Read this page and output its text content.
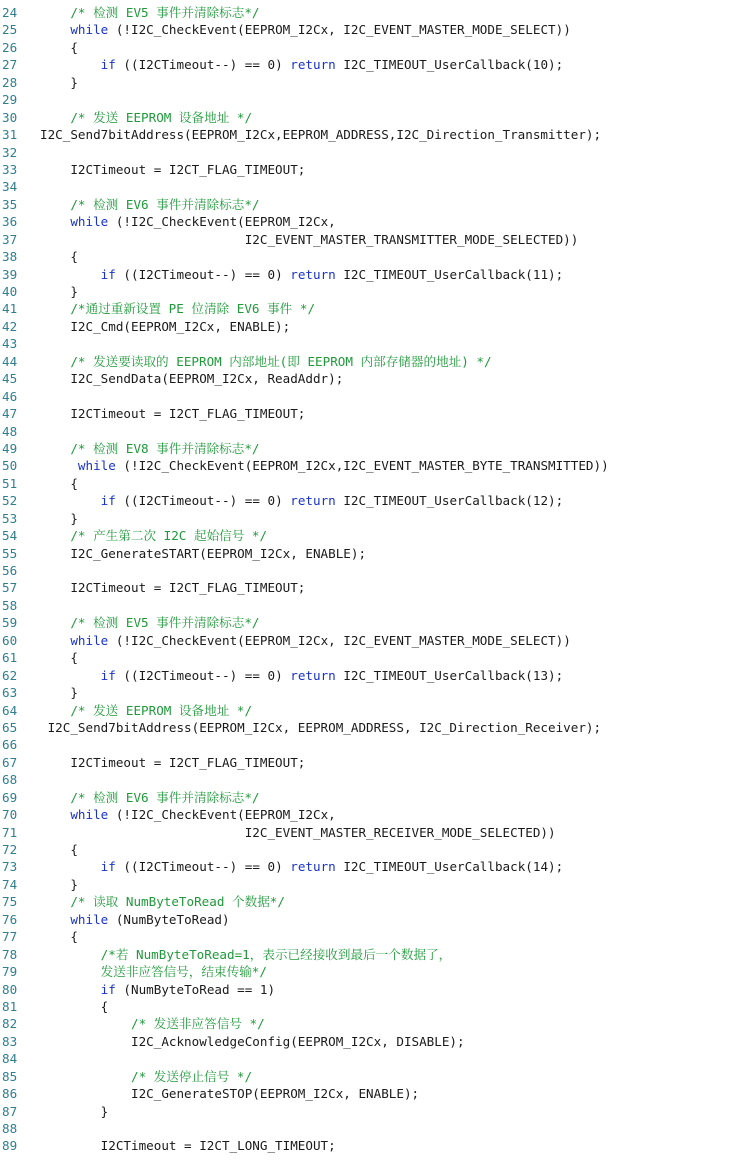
24	/* 检测 EV5 事件并清除标志*/
25	while (!I2C_CheckEvent(EEPROM_I2Cx, I2C_EVENT_MASTER_MODE_SELECT))
26	{
27	if ((I2CTimeout--) == 0) return I2C_TIMEOUT_UserCallback(10);
28	}
29
30	/* 发送 EEPROM 设备地址 */
31	I2C_Send7bitAddress(EEPROM_I2Cx,EEPROM_ADDRESS,I2C_Direction_Transmitter);
32
33	I2CTimeout = I2CT_FLAG_TIMEOUT;
34
35	/* 检测 EV6 事件并清除标志*/
36	while (!I2C_CheckEvent(EEPROM_I2Cx,
37	I2C_EVENT_MASTER_TRANSMITTER_MODE_SELECTED))
38	{
39	if ((I2CTimeout--) == 0) return I2C_TIMEOUT_UserCallback(11);
40	}
41	/*通过重新设置 PE 位清除 EV6 事件 */
42	I2C_Cmd(EEPROM_I2Cx, ENABLE);
43
44	/* 发送要读取的 EEPROM 内部地址(即 EEPROM 内部存储器的地址) */
45	I2C_SendData(EEPROM_I2Cx, ReadAddr);
46
47	I2CTimeout = I2CT_FLAG_TIMEOUT;
48
49	/* 检测 EV8 事件并清除标志*/
50	while (!I2C_CheckEvent(EEPROM_I2Cx,I2C_EVENT_MASTER_BYTE_TRANSMITTED))
51	{
52	if ((I2CTimeout--) == 0) return I2C_TIMEOUT_UserCallback(12);
53	}
54	/* 产生第二次 I2C 起始信号 */
55	I2C_GenerateSTART(EEPROM_I2Cx, ENABLE);
56
57	I2CTimeout = I2CT_FLAG_TIMEOUT;
58
59	/* 检测 EV5 事件并清除标志*/
60	while (!I2C_CheckEvent(EEPROM_I2Cx, I2C_EVENT_MASTER_MODE_SELECT))
61	{
62	if ((I2CTimeout--) == 0) return I2C_TIMEOUT_UserCallback(13);
63	}
64	/* 发送 EEPROM 设备地址 */
65	I2C_Send7bitAddress(EEPROM_I2Cx, EEPROM_ADDRESS, I2C_Direction_Receiver);
66
67	I2CTimeout = I2CT_FLAG_TIMEOUT;
68
69	/* 检测 EV6 事件并清除标志*/
70	while (!I2C_CheckEvent(EEPROM_I2Cx,
71	I2C_EVENT_MASTER_RECEIVER_MODE_SELECTED))
72	{
73	if ((I2CTimeout--) == 0) return I2C_TIMEOUT_UserCallback(14);
74	}
75	/* 读取 NumByteToRead 个数据*/
76	while (NumByteToRead)
77	{
78	/*若 NumByteToRead=1，表示已经接收到最后一个数据了，
79	发送非应答信号，结束传输*/
80	if (NumByteToRead == 1)
81	{
82	/* 发送非应答信号 */
83	I2C_AcknowledgeConfig(EEPROM_I2Cx, DISABLE);
84
85	/* 发送停止信号 */
86	I2C_GenerateSTOP(EEPROM_I2Cx, ENABLE);
87	}
88
89	I2CTimeout = I2CT_LONG_TIMEOUT;
